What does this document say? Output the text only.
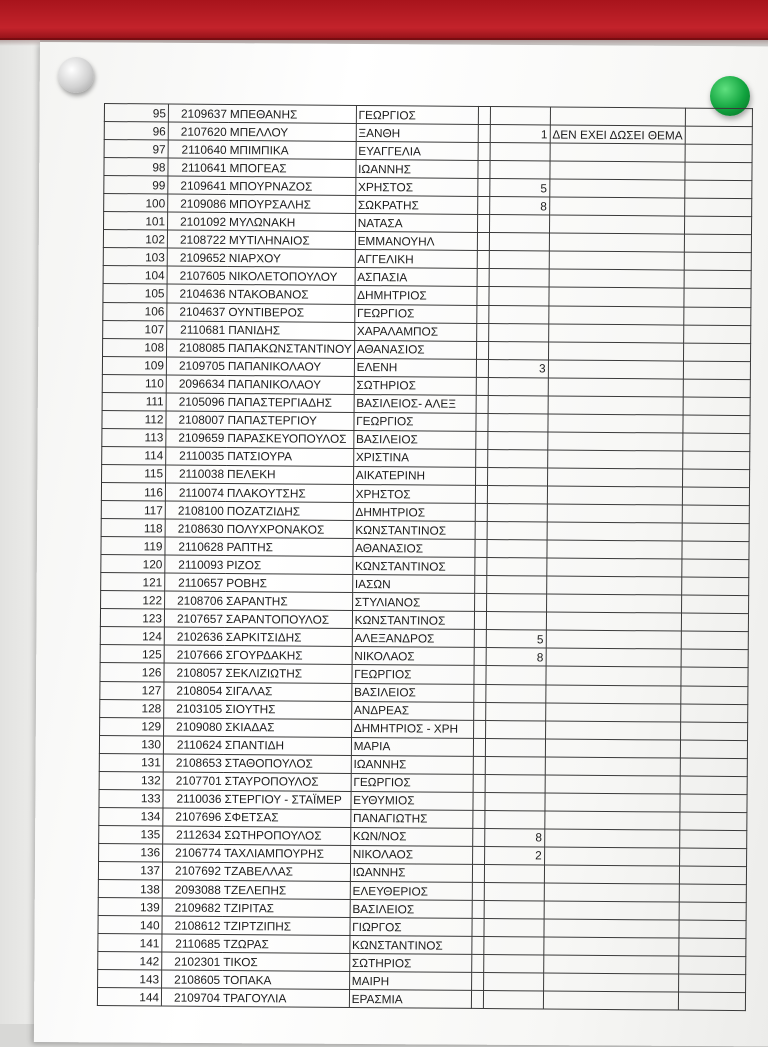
95	2109637	ΜΠΕΘΑΝΗΣ	ΓΕΩΡΓΙΟΣ				
96	2107620	ΜΠΕΛΛΟΥ	ΞΑΝΘΗ		1	ΔΕΝ ΕΧΕΙ ΔΩΣΕΙ ΘΕΜΑ	
97	2110640	ΜΠΙΜΠΙΚΑ	ΕΥΑΓΓΕΛΙΑ				
98	2110641	ΜΠΟΓΕΑΣ	ΙΩΑΝΝΗΣ				
99	2109641	ΜΠΟΥΡΝΑΖΟΣ	ΧΡΗΣΤΟΣ		5		
100	2109086	ΜΠΟΥΡΣΑΛΗΣ	ΣΩΚΡΑΤΗΣ		8		
101	2101092	ΜΥΛΩΝΑΚΗ	ΝΑΤΑΣΑ				
102	2108722	ΜΥΤΙΛΗΝΑΙΟΣ	ΕΜΜΑΝΟΥΗΛ				
103	2109652	ΝΙΑΡΧΟΥ	ΑΓΓΕΛΙΚΗ				
104	2107605	ΝΙΚΟΛΕΤΟΠΟΥΛΟΥ	ΑΣΠΑΣΙΑ				
105	2104636	ΝΤΑΚΟΒΑΝΟΣ	ΔΗΜΗΤΡΙΟΣ				
106	2104637	ΟΥΝΤΙΒΕΡΟΣ	ΓΕΩΡΓΙΟΣ				
107	2110681	ΠΑΝΙΔΗΣ	ΧΑΡΑΛΑΜΠΟΣ				
108	2108085	ΠΑΠΑΚΩΝΣΤΑΝΤΙΝΟΥ	ΑΘΑΝΑΣΙΟΣ				
109	2109705	ΠΑΠΑΝΙΚΟΛΑΟΥ	ΕΛΕΝΗ		3		
110	2096634	ΠΑΠΑΝΙΚΟΛΑΟΥ	ΣΩΤΗΡΙΟΣ				
111	2105096	ΠΑΠΑΣΤΕΡΓΙΑΔΗΣ	ΒΑΣΙΛΕΙΟΣ- ΑΛΕΞ				
112	2108007	ΠΑΠΑΣΤΕΡΓΙΟΥ	ΓΕΩΡΓΙΟΣ				
113	2109659	ΠΑΡΑΣΚΕΥΟΠΟΥΛΟΣ	ΒΑΣΙΛΕΙΟΣ				
114	2110035	ΠΑΤΣΙΟΥΡΑ	ΧΡΙΣΤΙΝΑ				
115	2110038	ΠΕΛΕΚΗ	ΑΙΚΑΤΕΡΙΝΗ				
116	2110074	ΠΛΑΚΟΥΤΣΗΣ	ΧΡΗΣΤΟΣ				
117	2108100	ΠΟΖΑΤΖΙΔΗΣ	ΔΗΜΗΤΡΙΟΣ				
118	2108630	ΠΟΛΥΧΡΟΝΑΚΟΣ	ΚΩΝΣΤΑΝΤΙΝΟΣ				
119	2110628	ΡΑΠΤΗΣ	ΑΘΑΝΑΣΙΟΣ				
120	2110093	ΡΙΖΟΣ	ΚΩΝΣΤΑΝΤΙΝΟΣ				
121	2110657	ΡΟΒΗΣ	ΙΑΣΩΝ				
122	2108706	ΣΑΡΑΝΤΗΣ	ΣΤΥΛΙΑΝΟΣ				
123	2107657	ΣΑΡΑΝΤΟΠΟΥΛΟΣ	ΚΩΝΣΤΑΝΤΙΝΟΣ				
124	2102636	ΣΑΡΚΙΤΣΙΔΗΣ	ΑΛΕΞΑΝΔΡΟΣ		5		
125	2107666	ΣΓΟΥΡΔΑΚΗΣ	ΝΙΚΟΛΑΟΣ		8		
126	2108057	ΣΕΚΛΙΖΙΩΤΗΣ	ΓΕΩΡΓΙΟΣ				
127	2108054	ΣΙΓΑΛΑΣ	ΒΑΣΙΛΕΙΟΣ				
128	2103105	ΣΙΟΥΤΗΣ	ΑΝΔΡΕΑΣ				
129	2109080	ΣΚΙΑΔΑΣ	ΔΗΜΗΤΡΙΟΣ - ΧΡΗ				
130	2110624	ΣΠΑΝΤΙΔΗ	ΜΑΡΙΑ				
131	2108653	ΣΤΑΘΟΠΟΥΛΟΣ	ΙΩΑΝΝΗΣ				
132	2107701	ΣΤΑΥΡΟΠΟΥΛΟΣ	ΓΕΩΡΓΙΟΣ				
133	2110036	ΣΤΕΡΓΙΟΥ - ΣΤΑΪΜΕΡ	ΕΥΘΥΜΙΟΣ				
134	2107696	ΣΦΕΤΣΑΣ	ΠΑΝΑΓΙΩΤΗΣ				
135	2112634	ΣΩΤΗΡΟΠΟΥΛΟΣ	ΚΩΝ/ΝΟΣ		8		
136	2106774	ΤΑΧΛΙΑΜΠΟΥΡΗΣ	ΝΙΚΟΛΑΟΣ		2		
137	2107692	ΤΖΑΒΕΛΛΑΣ	ΙΩΑΝΝΗΣ				
138	2093088	ΤΖΕΛΕΠΗΣ	ΕΛΕΥΘΕΡΙΟΣ				
139	2109682	ΤΖΙΡΙΤΑΣ	ΒΑΣΙΛΕΙΟΣ				
140	2108612	ΤΖΙΡΤΖΙΠΗΣ	ΓΙΩΡΓΟΣ				
141	2110685	ΤΖΩΡΑΣ	ΚΩΝΣΤΑΝΤΙΝΟΣ				
142	2102301	ΤΙΚΟΣ	ΣΩΤΗΡΙΟΣ				
143	2108605	ΤΟΠΑΚΑ	ΜΑΙΡΗ				
144	2109704	ΤΡΑΓΟΥΛΙΑ	ΕΡΑΣΜΙΑ				
